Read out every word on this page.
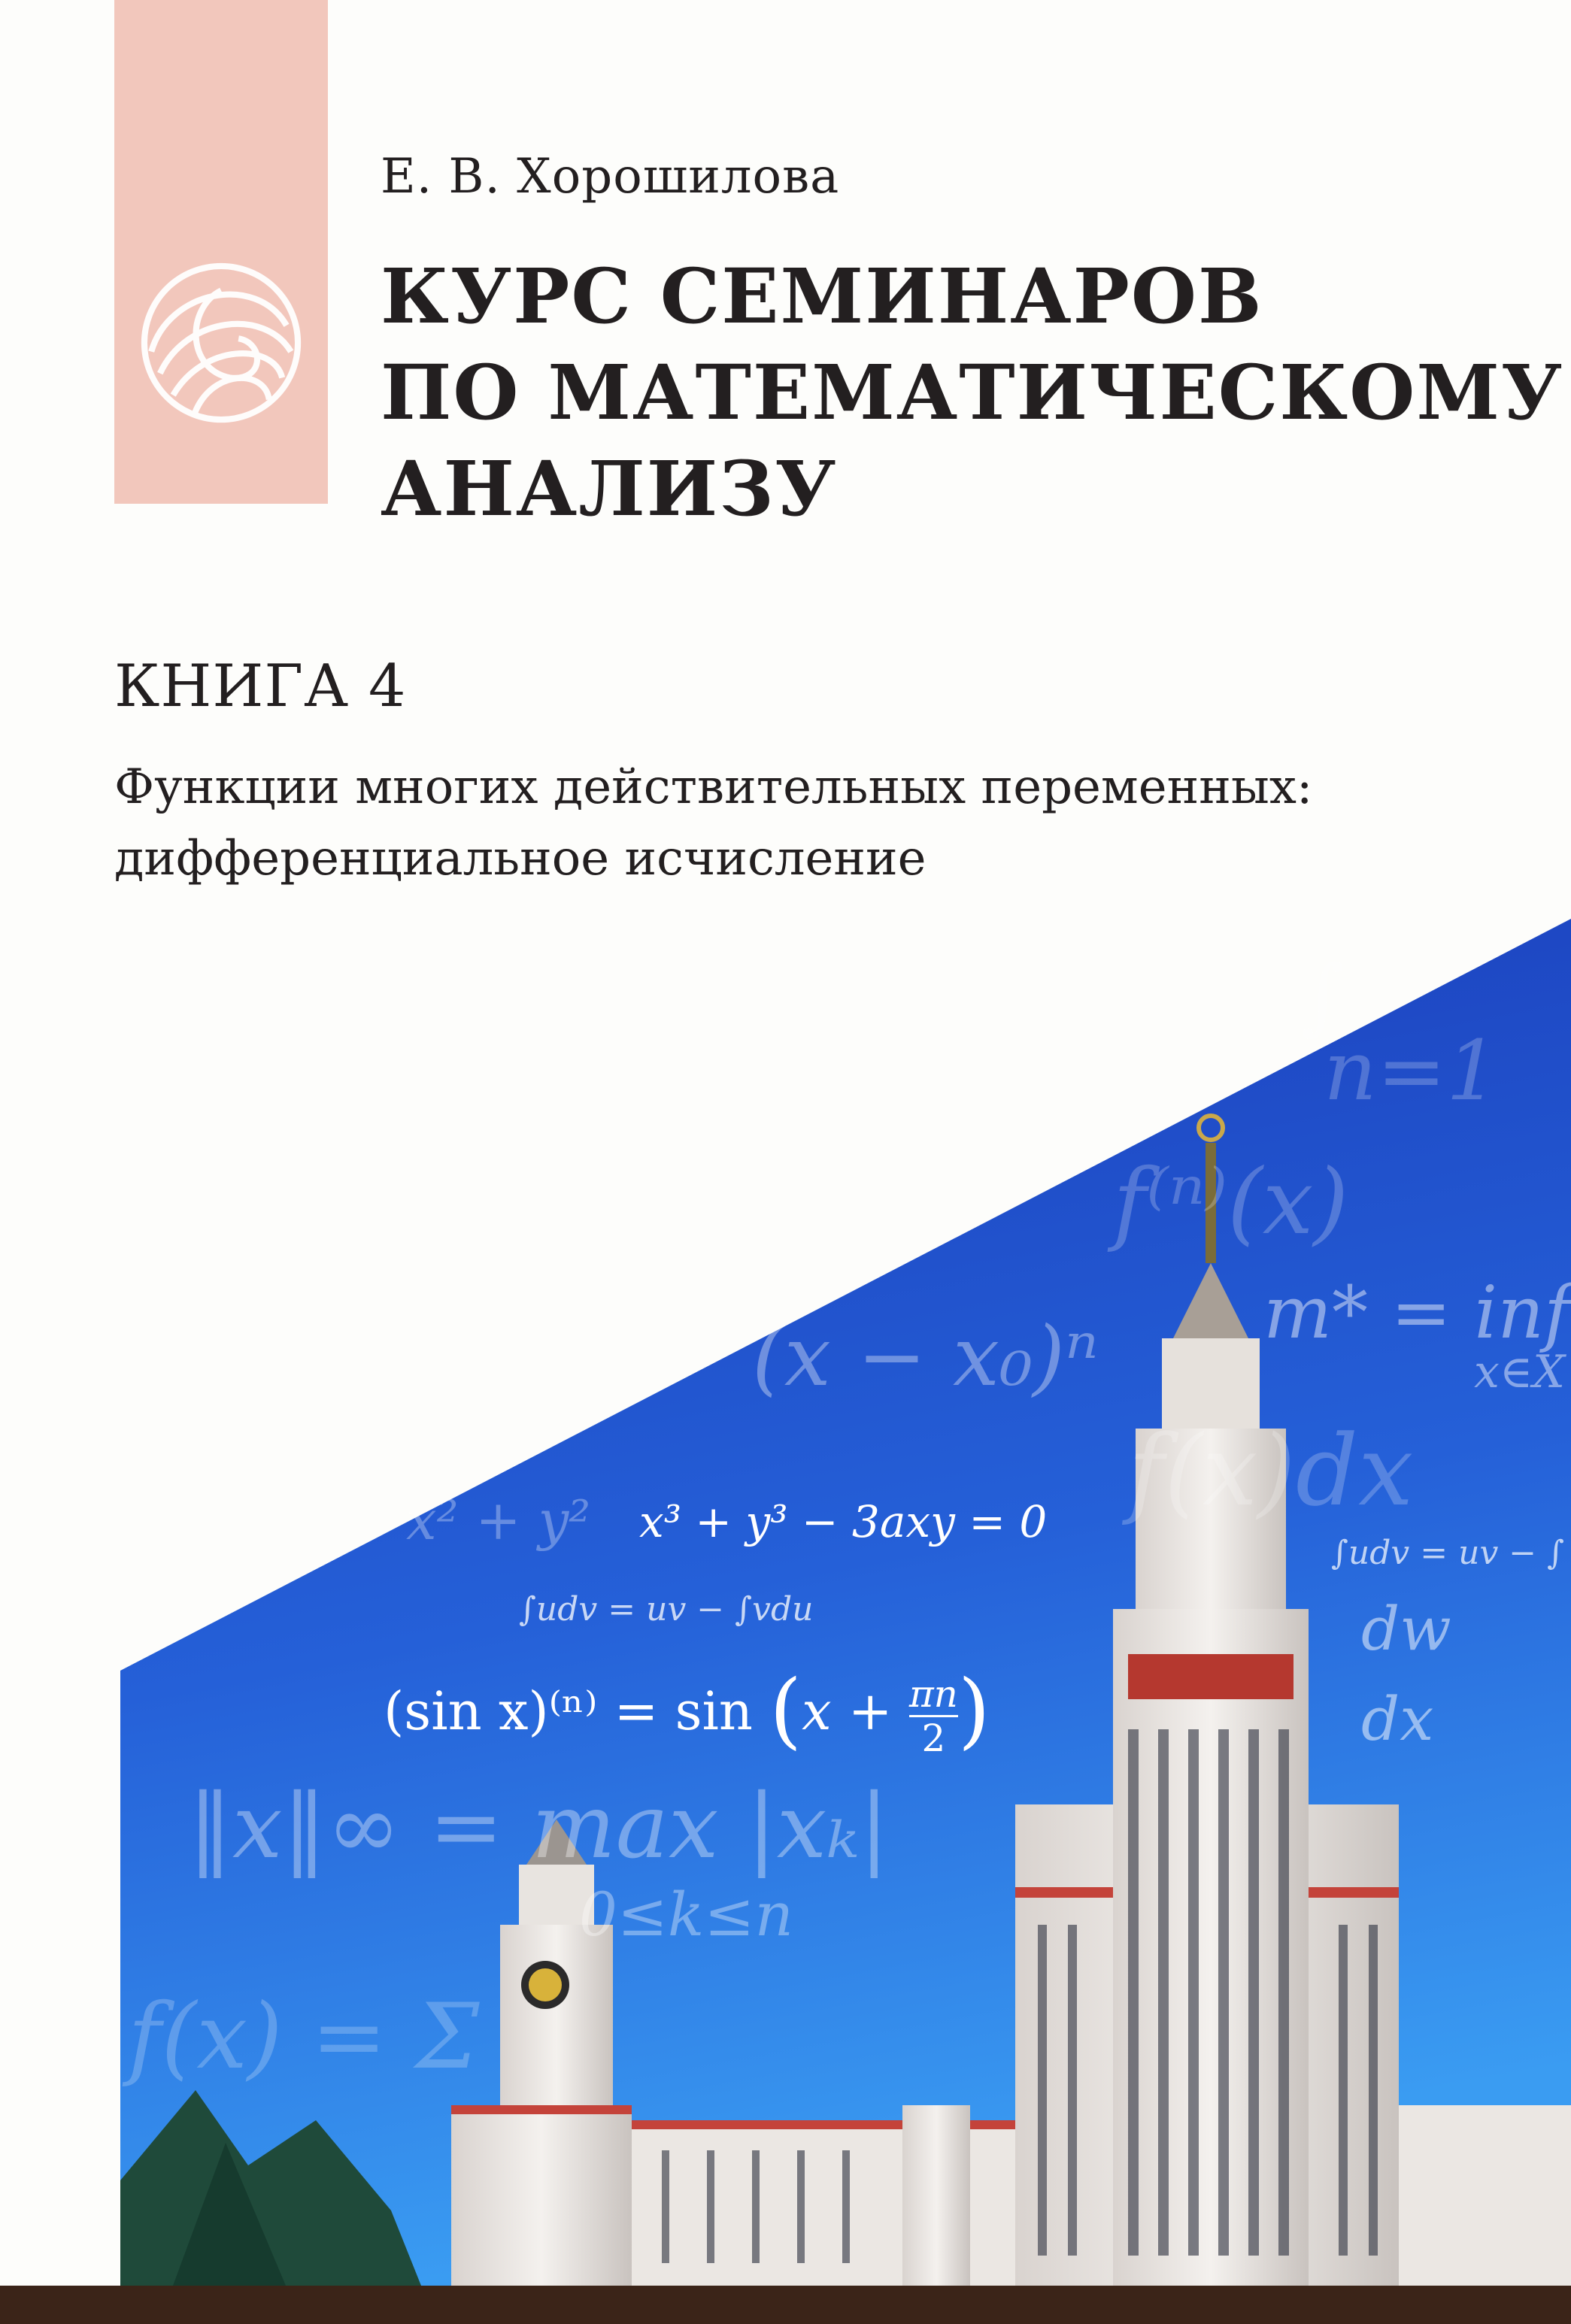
Е. В. Хорошилова
КУРС СЕМИНАРОВ
ПО МАТЕМАТИЧЕСКОМУ
АНАЛИЗУ
КНИГА 4
Функции многих действительных переменных:
дифференциальное исчисление
(x − x₀)ⁿ m* = inf
x∈X
f⁽ⁿ⁾(x)
n=1
f(x)dx
∫udv = uv − ∫
dw
dx
x² + y²
f(x) = Σ
∫
x³ + y³ − 3axy = 0
∫udv = uv − ∫vdu
(sin $x)^{(n)} = \sin (x + \frac{\pi n}{2}$ )
‖x‖∞ = max |xₖ|
0≤k≤n
